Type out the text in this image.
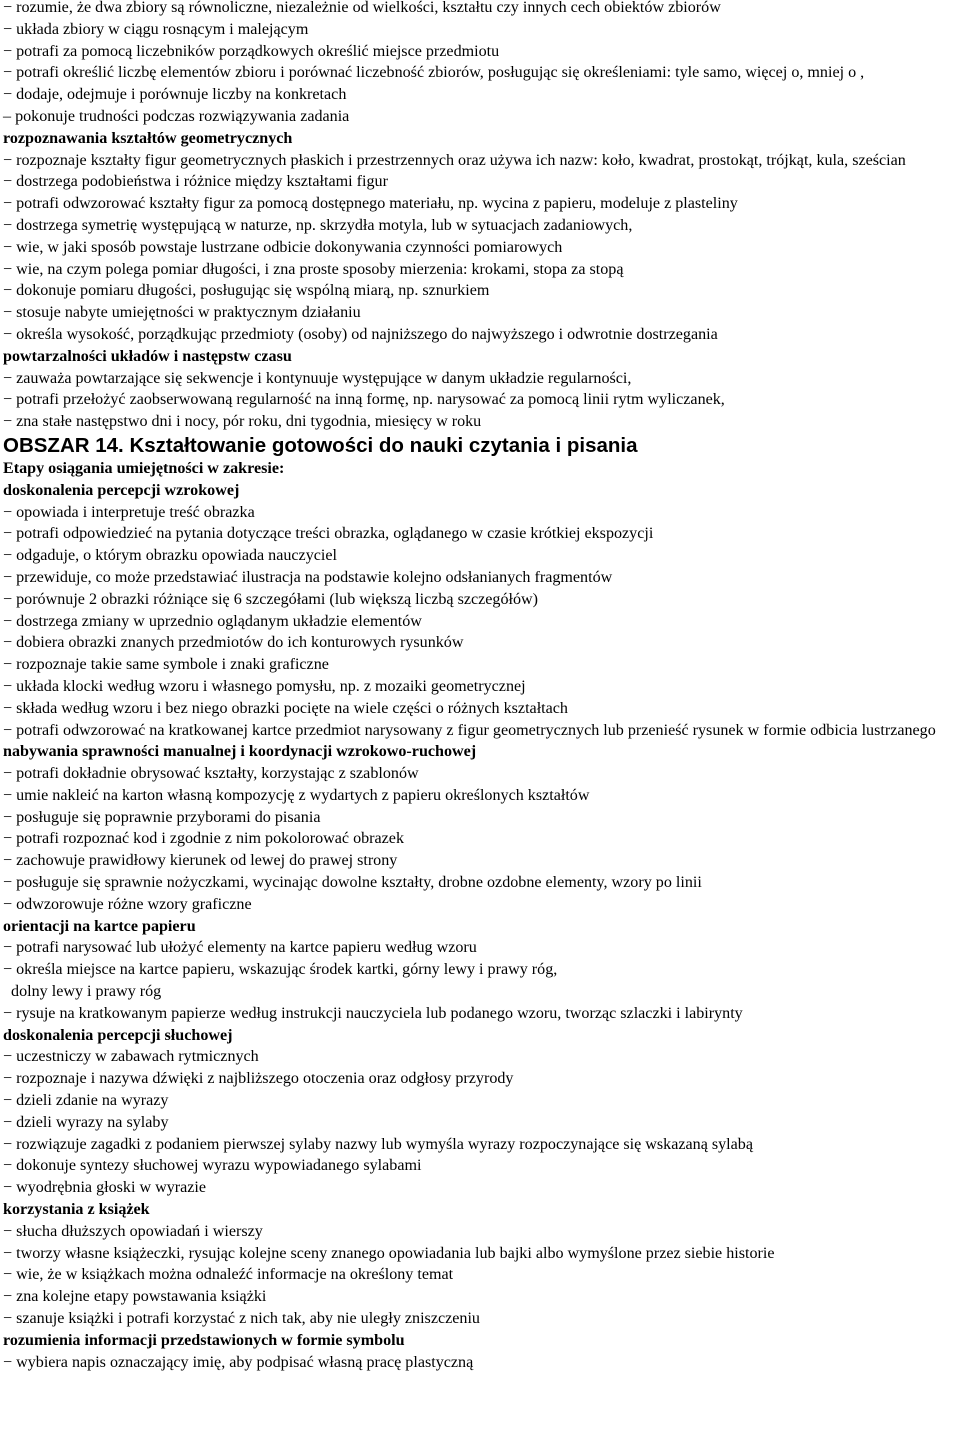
− rozumie, że dwa zbiory są równoliczne, niezależnie od wielkości, kształtu czy innych cech obiektów zbiorów
− układa zbiory w ciągu rosnącym i malejącym
− potrafi za pomocą liczebników porządkowych określić miejsce przedmiotu
− potrafi określić liczbę elementów zbioru i porównać liczebność zbiorów, posługując się określeniami: tyle samo, więcej o, mniej o ,
− dodaje, odejmuje i porównuje liczby na konkretach
– pokonuje trudności podczas rozwiązywania zadania
rozpoznawania kształtów geometrycznych
− rozpoznaje kształty figur geometrycznych płaskich i przestrzennych oraz używa ich nazw: koło, kwadrat, prostokąt, trójkąt, kula, sześcian
− dostrzega podobieństwa i różnice między kształtami figur
− potrafi odwzorować kształty figur za pomocą dostępnego materiału, np. wycina z papieru, modeluje z plasteliny
− dostrzega symetrię występującą w naturze, np. skrzydła motyla, lub w sytuacjach zadaniowych,
− wie, w jaki sposób powstaje lustrzane odbicie dokonywania czynności pomiarowych
− wie, na czym polega pomiar długości, i zna proste sposoby mierzenia: krokami, stopa za stopą
− dokonuje pomiaru długości, posługując się wspólną miarą, np. sznurkiem
− stosuje nabyte umiejętności w praktycznym działaniu
− określa wysokość, porządkując przedmioty (osoby) od najniższego do najwyższego i odwrotnie dostrzegania
powtarzalności układów i następstw czasu
− zauważa powtarzające się sekwencje i kontynuuje występujące w danym układzie regularności,
− potrafi przełożyć zaobserwowaną regularność na inną formę, np. narysować za pomocą linii rytm wyliczanek,
− zna stałe następstwo dni i nocy, pór roku, dni tygodnia, miesięcy w roku
OBSZAR 14. Kształtowanie gotowości do nauki czytania i pisania
Etapy osiągania umiejętności w zakresie:
doskonalenia percepcji wzrokowej
− opowiada i interpretuje treść obrazka
− potrafi odpowiedzieć na pytania dotyczące treści obrazka, oglądanego w czasie krótkiej ekspozycji
− odgaduje, o którym obrazku opowiada nauczyciel
− przewiduje, co może przedstawiać ilustracja na podstawie kolejno odsłanianych fragmentów
− porównuje 2 obrazki różniące się 6 szczegółami (lub większą liczbą szczegółów)
− dostrzega zmiany w uprzednio oglądanym układzie elementów
− dobiera obrazki znanych przedmiotów do ich konturowych rysunków
− rozpoznaje takie same symbole i znaki graficzne
− układa klocki według wzoru i własnego pomysłu, np. z mozaiki geometrycznej
− składa według wzoru i bez niego obrazki pocięte na wiele części o różnych kształtach
− potrafi odwzorować na kratkowanej kartce przedmiot narysowany z figur geometrycznych lub przenieść rysunek w formie odbicia lustrzanego
nabywania sprawności manualnej i koordynacji wzrokowo-ruchowej
− potrafi dokładnie obrysować kształty, korzystając z szablonów
− umie nakleić na karton własną kompozycję z wydartych z papieru określonych kształtów
− posługuje się poprawnie przyborami do pisania
− potrafi rozpoznać kod i zgodnie z nim pokolorować obrazek
− zachowuje prawidłowy kierunek od lewej do prawej strony
− posługuje się sprawnie nożyczkami, wycinając dowolne kształty, drobne ozdobne elementy, wzory po linii
− odwzorowuje różne wzory graficzne
orientacji na kartce papieru
− potrafi narysować lub ułożyć elementy na kartce papieru według wzoru
− określa miejsce na kartce papieru, wskazując środek kartki, górny lewy i prawy róg,
dolny lewy i prawy róg
− rysuje na kratkowanym papierze według instrukcji nauczyciela lub podanego wzoru, tworząc szlaczki i labirynty
doskonalenia percepcji słuchowej
− uczestniczy w zabawach rytmicznych
− rozpoznaje i nazywa dźwięki z najbliższego otoczenia oraz odgłosy przyrody
− dzieli zdanie na wyrazy
− dzieli wyrazy na sylaby
− rozwiązuje zagadki z podaniem pierwszej sylaby nazwy lub wymyśla wyrazy rozpoczynające się wskazaną sylabą
− dokonuje syntezy słuchowej wyrazu wypowiadanego sylabami
− wyodrębnia głoski w wyrazie
korzystania z książek
− słucha dłuższych opowiadań i wierszy
− tworzy własne książeczki, rysując kolejne sceny znanego opowiadania lub bajki albo wymyślone przez siebie historie
− wie, że w książkach można odnaleźć informacje na określony temat
− zna kolejne etapy powstawania książki
− szanuje książki i potrafi korzystać z nich tak, aby nie uległy zniszczeniu
rozumienia informacji przedstawionych w formie symbolu
− wybiera napis oznaczający imię, aby podpisać własną pracę plastyczną
